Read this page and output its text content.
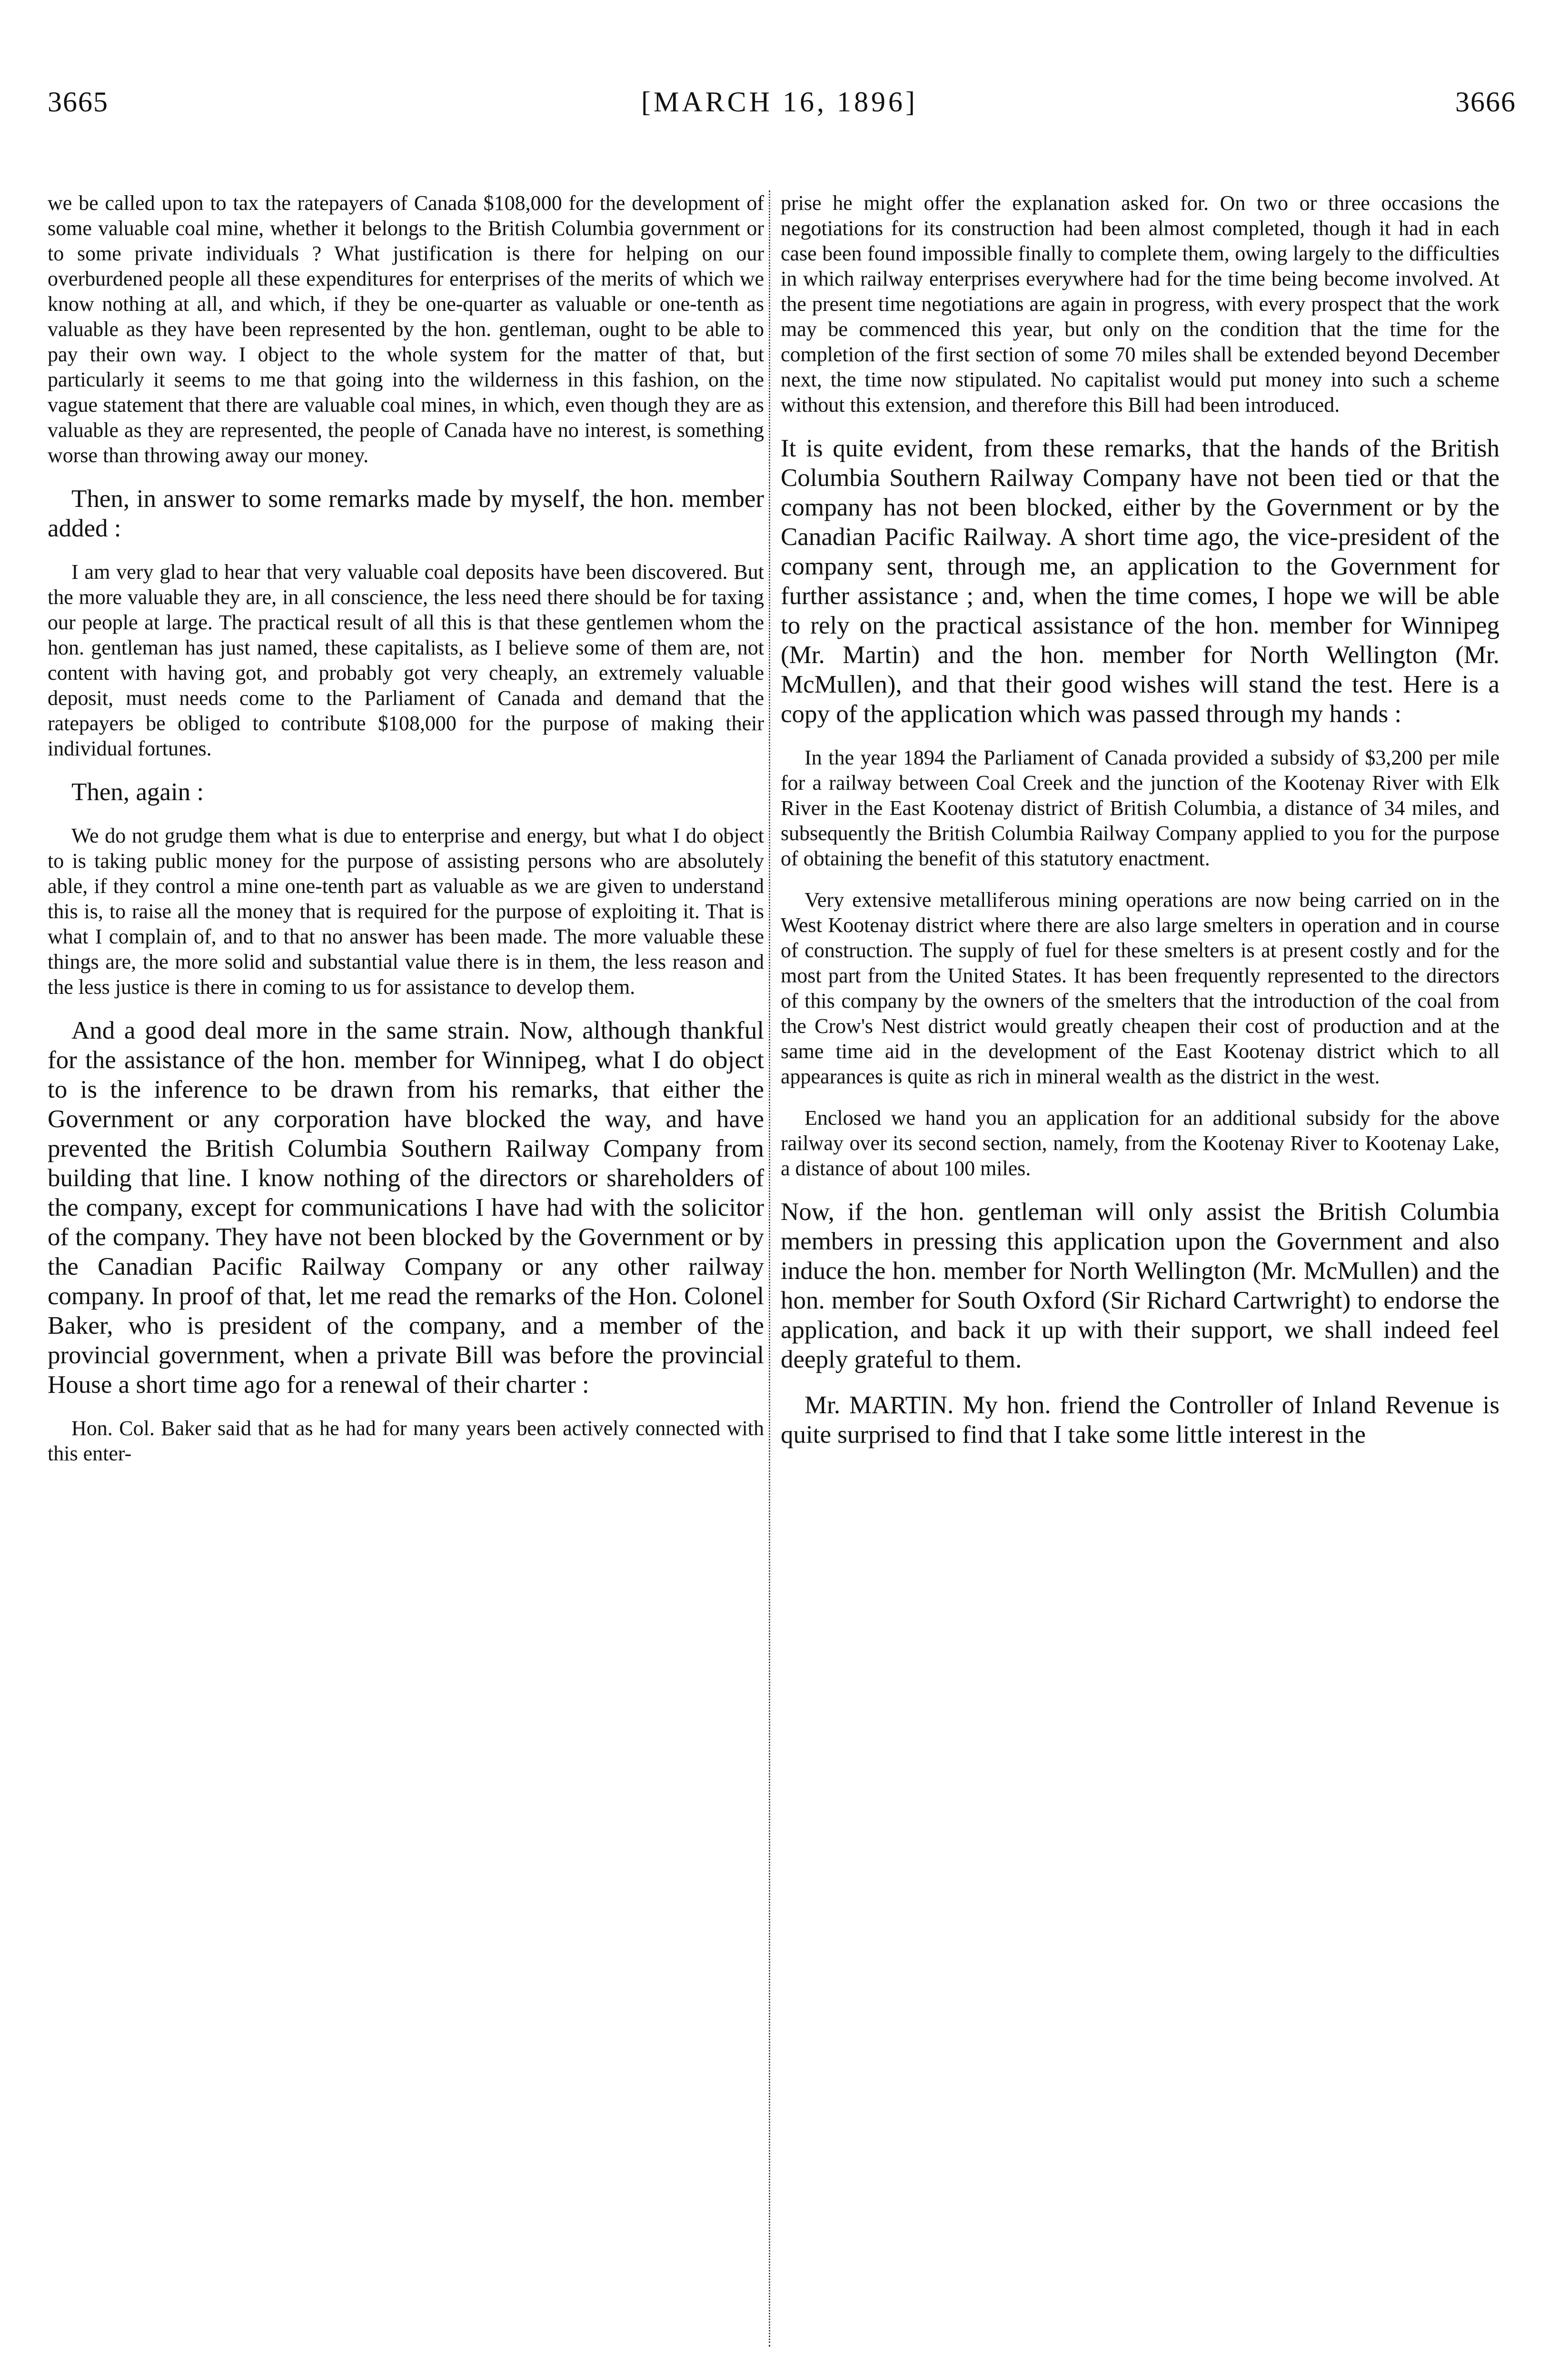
3665	[MARCH 16, 1896]	3666

we be called upon to tax the ratepayers of Canada $108,000 for the development of some valuable coal mine, whether it belongs to the British Columbia government or to some private individuals ? What justification is there for helping on our overburdened people all these expenditures for enterprises of the merits of which we know nothing at all, and which, if they be one-quarter as valuable or one-tenth as valuable as they have been represented by the hon. gentleman, ought to be able to pay their own way. I object to the whole system for the matter of that, but particularly it seems to me that going into the wilderness in this fashion, on the vague statement that there are valuable coal mines, in which, even though they are as valuable as they are represented, the people of Canada have no interest, is something worse than throwing away our money.

Then, in answer to some remarks made by myself, the hon. member added :

I am very glad to hear that very valuable coal deposits have been discovered. But the more valuable they are, in all conscience, the less need there should be for taxing our people at large. The practical result of all this is that these gentlemen whom the hon. gentleman has just named, these capitalists, as I believe some of them are, not content with having got, and probably got very cheaply, an extremely valuable deposit, must needs come to the Parliament of Canada and demand that the ratepayers be obliged to contribute $108,000 for the purpose of making their individual fortunes.

Then, again :

We do not grudge them what is due to enterprise and energy, but what I do object to is taking public money for the purpose of assisting persons who are absolutely able, if they control a mine one-tenth part as valuable as we are given to understand this is, to raise all the money that is required for the purpose of exploiting it. That is what I complain of, and to that no answer has been made. The more valuable these things are, the more solid and substantial value there is in them, the less reason and the less justice is there in coming to us for assistance to develop them.

And a good deal more in the same strain. Now, although thankful for the assistance of the hon. member for Winnipeg, what I do object to is the inference to be drawn from his remarks, that either the Government or any corporation have blocked the way, and have prevented the British Columbia Southern Railway Company from building that line. I know nothing of the directors or shareholders of the company, except for communications I have had with the solicitor of the company. They have not been blocked by the Government or by the Canadian Pacific Railway Company or any other railway company. In proof of that, let me read the remarks of the Hon. Colonel Baker, who is president of the company, and a member of the provincial government, when a private Bill was before the provincial House a short time ago for a renewal of their charter :

Hon. Col. Baker said that as he had for many years been actively connected with this enter-

prise he might offer the explanation asked for. On two or three occasions the negotiations for its construction had been almost completed, though it had in each case been found impossible finally to complete them, owing largely to the difficulties in which railway enterprises everywhere had for the time being become involved. At the present time negotiations are again in progress, with every prospect that the work may be commenced this year, but only on the condition that the time for the completion of the first section of some 70 miles shall be extended beyond December next, the time now stipulated. No capitalist would put money into such a scheme without this extension, and therefore this Bill had been introduced.

It is quite evident, from these remarks, that the hands of the British Columbia Southern Railway Company have not been tied or that the company has not been blocked, either by the Government or by the Canadian Pacific Railway. A short time ago, the vice-president of the company sent, through me, an application to the Government for further assistance ; and, when the time comes, I hope we will be able to rely on the practical assistance of the hon. member for Winnipeg (Mr. Martin) and the hon. member for North Wellington (Mr. McMullen), and that their good wishes will stand the test. Here is a copy of the application which was passed through my hands :

In the year 1894 the Parliament of Canada provided a subsidy of $3,200 per mile for a railway between Coal Creek and the junction of the Kootenay River with Elk River in the East Kootenay district of British Columbia, a distance of 34 miles, and subsequently the British Columbia Railway Company applied to you for the purpose of obtaining the benefit of this statutory enactment.

Very extensive metalliferous mining operations are now being carried on in the West Kootenay district where there are also large smelters in operation and in course of construction. The supply of fuel for these smelters is at present costly and for the most part from the United States. It has been frequently represented to the directors of this company by the owners of the smelters that the introduction of the coal from the Crow's Nest district would greatly cheapen their cost of production and at the same time aid in the development of the East Kootenay district which to all appearances is quite as rich in mineral wealth as the district in the west.

Enclosed we hand you an application for an additional subsidy for the above railway over its second section, namely, from the Kootenay River to Kootenay Lake, a distance of about 100 miles.

Now, if the hon. gentleman will only assist the British Columbia members in pressing this application upon the Government and also induce the hon. member for North Wellington (Mr. McMullen) and the hon. member for South Oxford (Sir Richard Cartwright) to endorse the application, and back it up with their support, we shall indeed feel deeply grateful to them.

Mr. MARTIN. My hon. friend the Controller of Inland Revenue is quite surprised to find that I take some little interest in the
